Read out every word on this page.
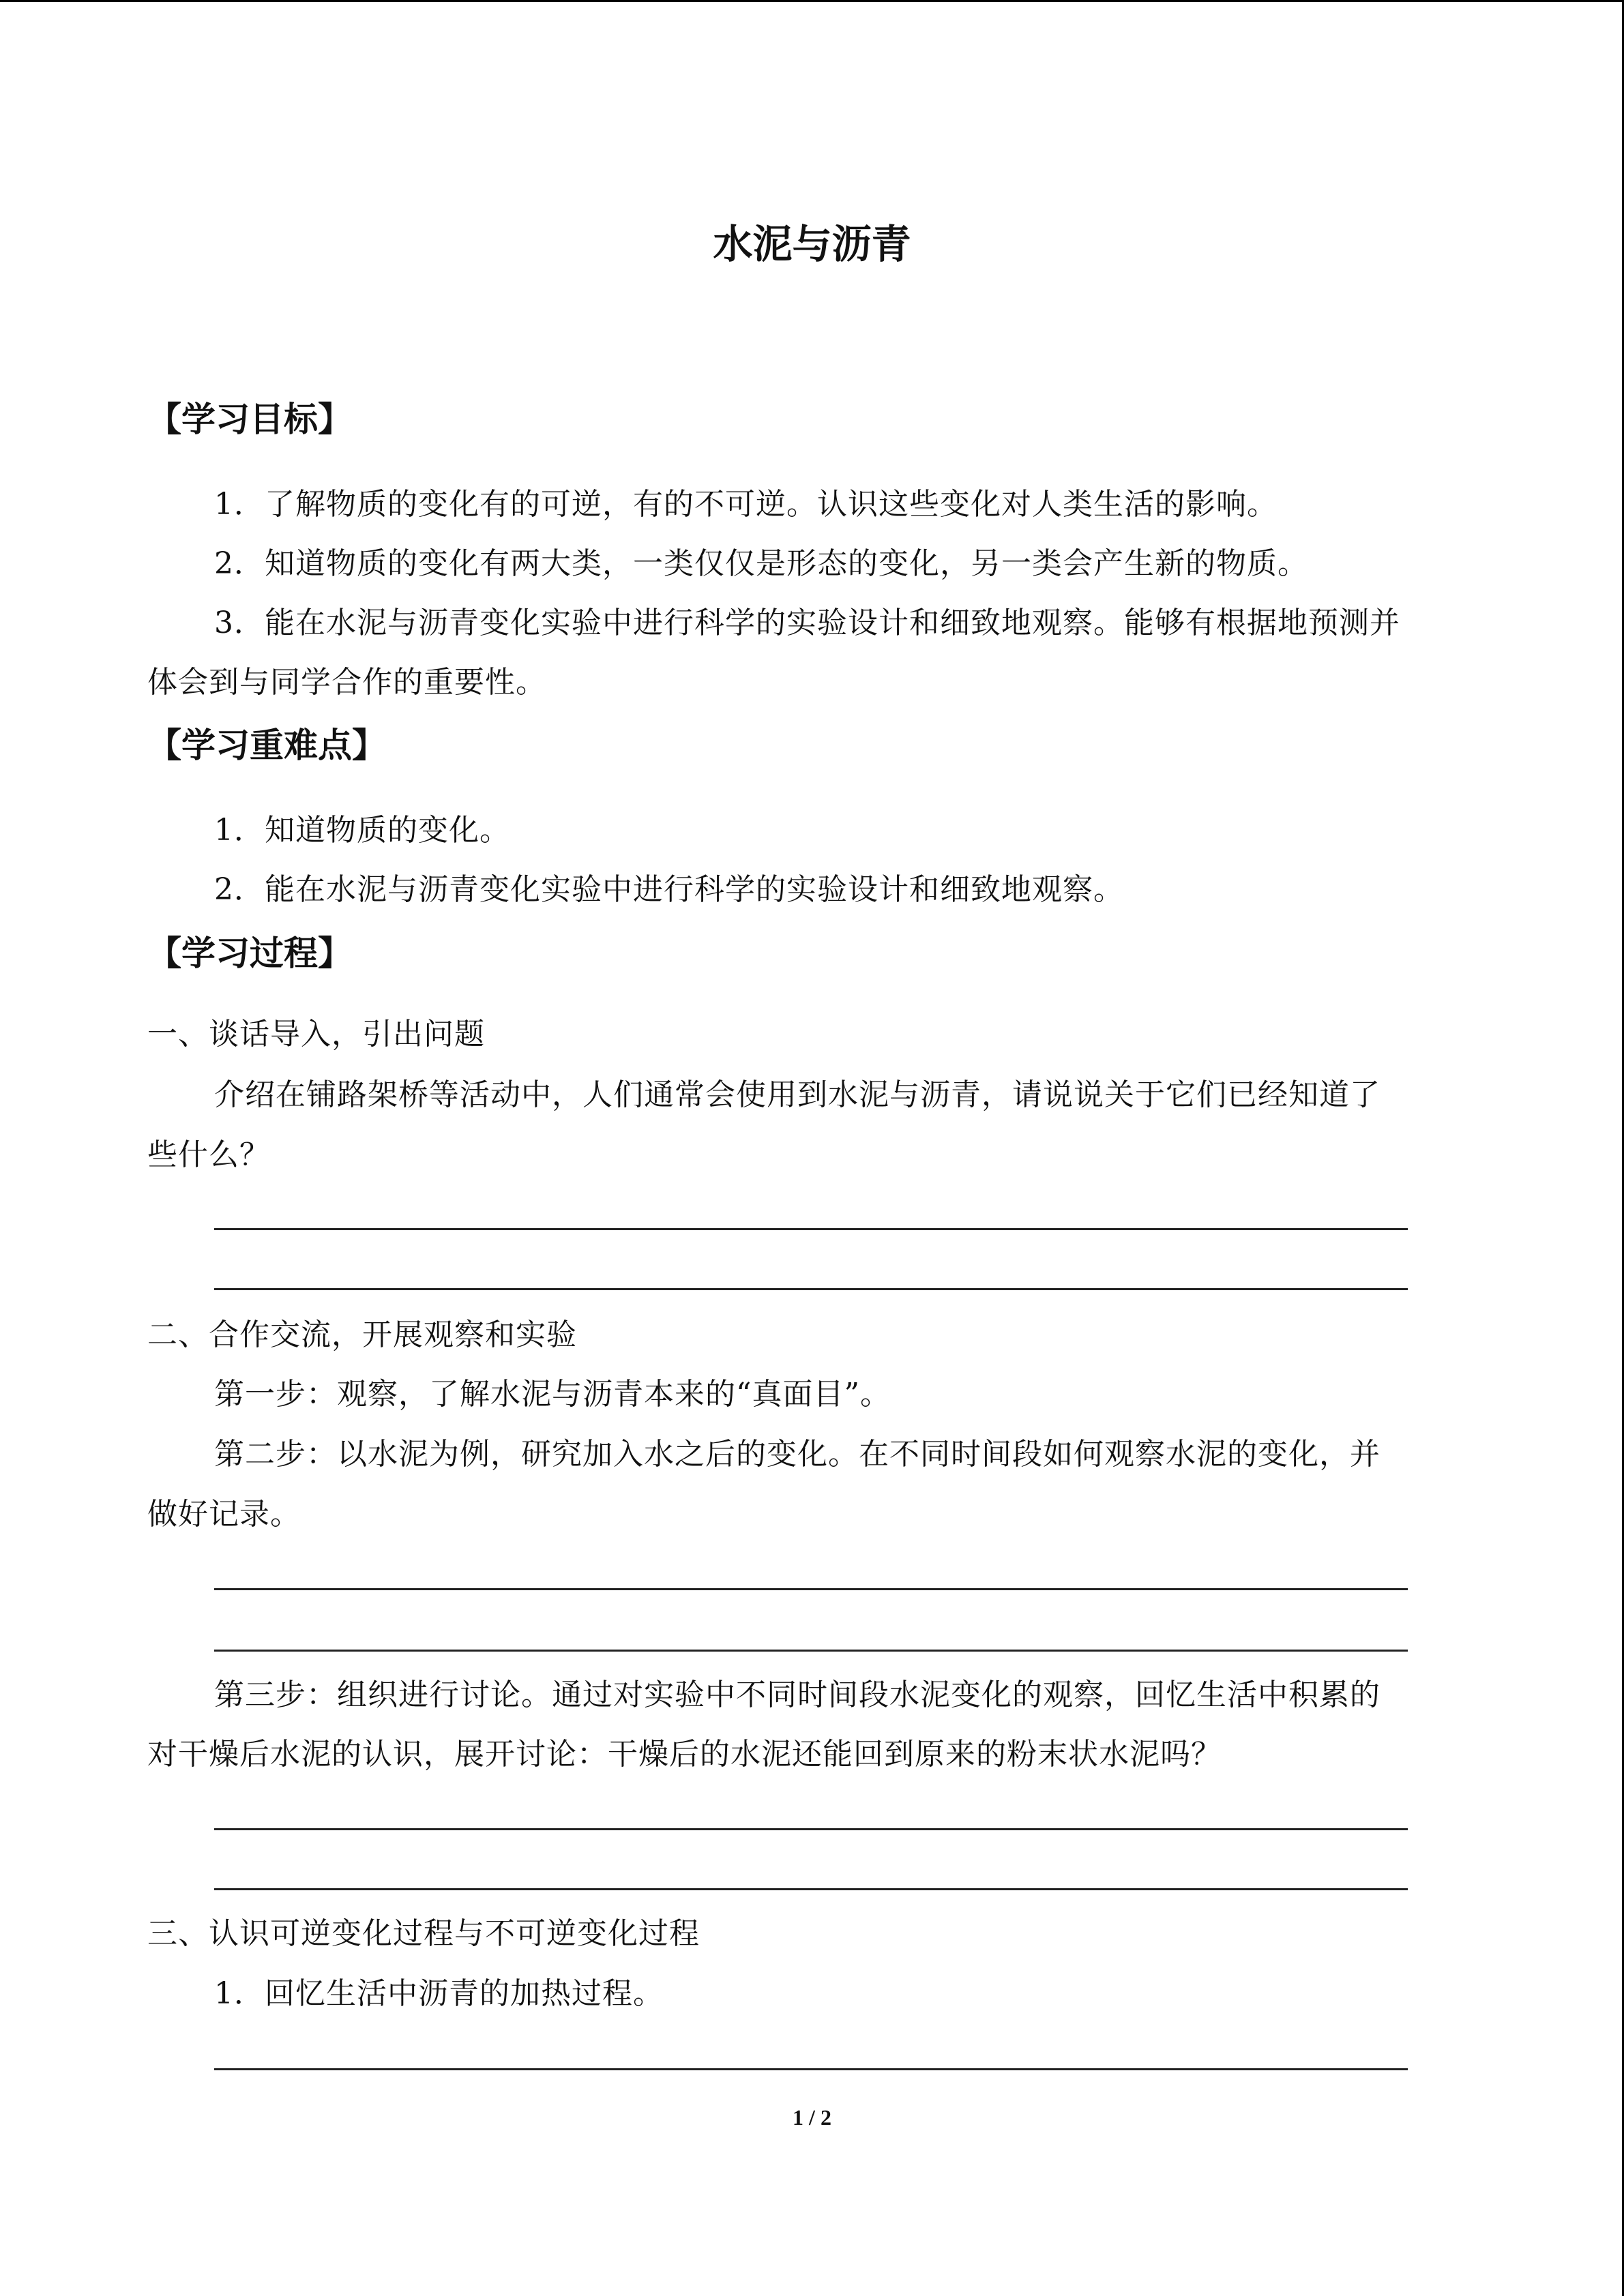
水泥与沥青
【学习目标】
1．了解物质的变化有的可逆，有的不可逆。认识这些变化对人类生活的影响。
2．知道物质的变化有两大类，一类仅仅是形态的变化，另一类会产生新的物质。
3．能在水泥与沥青变化实验中进行科学的实验设计和细致地观察。能够有根据地预测并
体会到与同学合作的重要性。
【学习重难点】
1．知道物质的变化。
2．能在水泥与沥青变化实验中进行科学的实验设计和细致地观察。
【学习过程】
一、谈话导入，引出问题
介绍在铺路架桥等活动中，人们通常会使用到水泥与沥青，请说说关于它们已经知道了
些什么？
二、合作交流，开展观察和实验
第一步：观察，了解水泥与沥青本来的“真面目”。
第二步：以水泥为例，研究加入水之后的变化。在不同时间段如何观察水泥的变化，并
做好记录。
第三步：组织进行讨论。通过对实验中不同时间段水泥变化的观察，回忆生活中积累的
对干燥后水泥的认识，展开讨论：干燥后的水泥还能回到原来的粉末状水泥吗？
三、认识可逆变化过程与不可逆变化过程
1．回忆生活中沥青的加热过程。
1 / 2
